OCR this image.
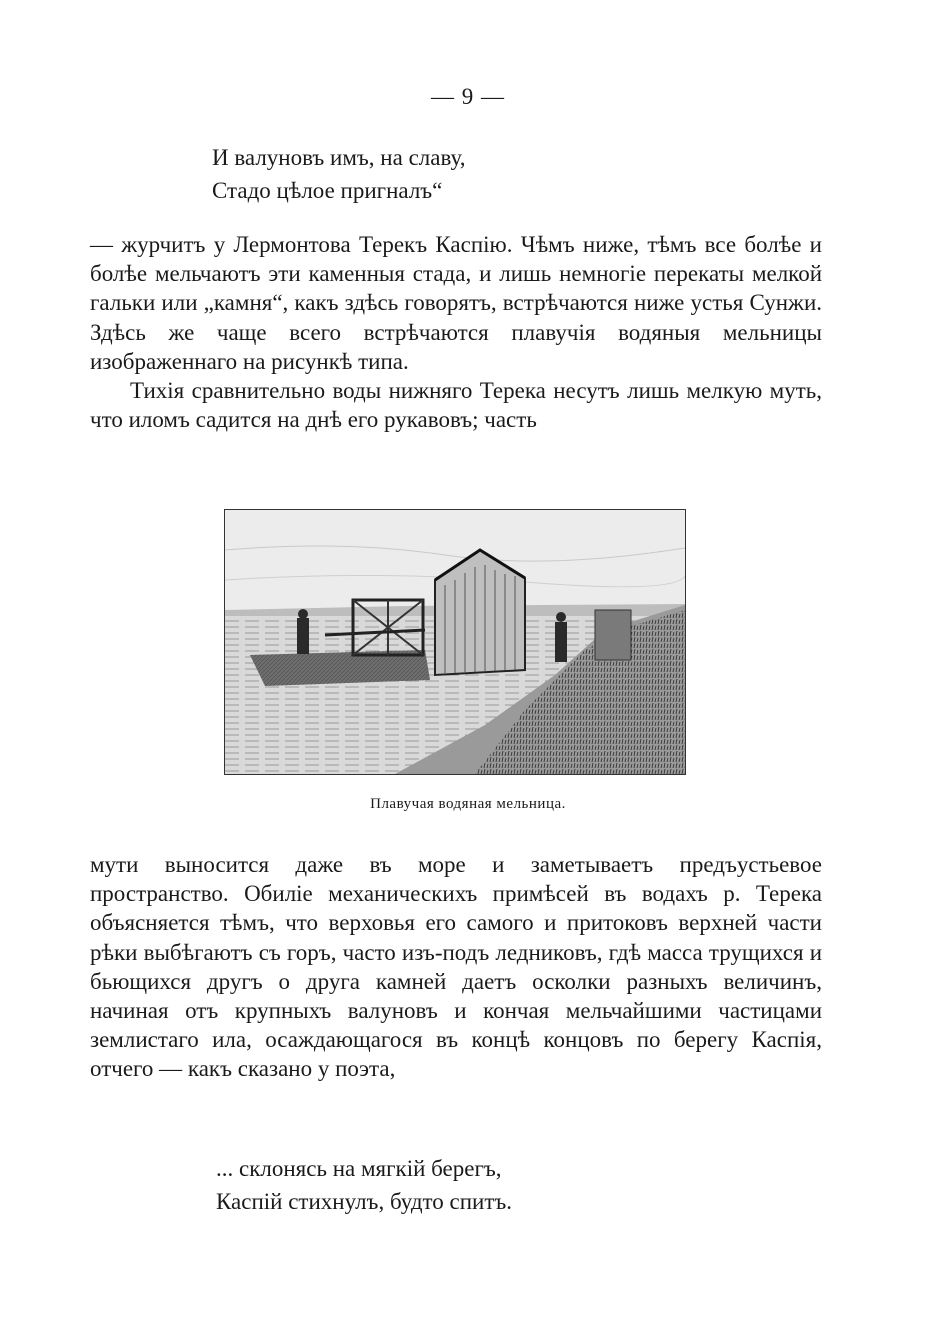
— 9 —
И валуновъ имъ, на славу,
Стадо цѣлое пригналъ“

— журчитъ у Лермонтова Терекъ Каспію. Чѣмъ ниже, тѣмъ все болѣе и болѣе мельчаютъ эти каменныя стада, и лишь немногіе перекаты мелкой гальки или „камня“, какъ здѣсь говорятъ, встрѣчаются ниже устья Сунжи. Здѣсь же чаще всего встрѣчаются плавучія водяныя мельницы изображеннаго на рисункѣ типа.

Тихія сравнительно воды нижняго Терека несутъ лишь мелкую муть, что иломъ садится на днѣ его рукавовъ; часть

Плавучая водяная мельница.

мути выносится даже въ море и заметываетъ предъустьевое пространство. Обиліе механическихъ примѣсей въ водахъ р. Терека объясняется тѣмъ, что верховья его самого и притоковъ верхней части рѣки выбѣгаютъ съ горъ, часто изъ-подъ ледниковъ, гдѣ масса трущихся и бьющихся другъ о друга камней даетъ осколки разныхъ величинъ, начиная отъ крупныхъ валуновъ и кончая мельчайшими частицами землистаго ила, осаждающагося въ концѣ концовъ по берегу Каспія, отчего — какъ сказано у поэта,

... склонясь на мягкій берегъ,
Каспій стихнулъ, будто спитъ.
